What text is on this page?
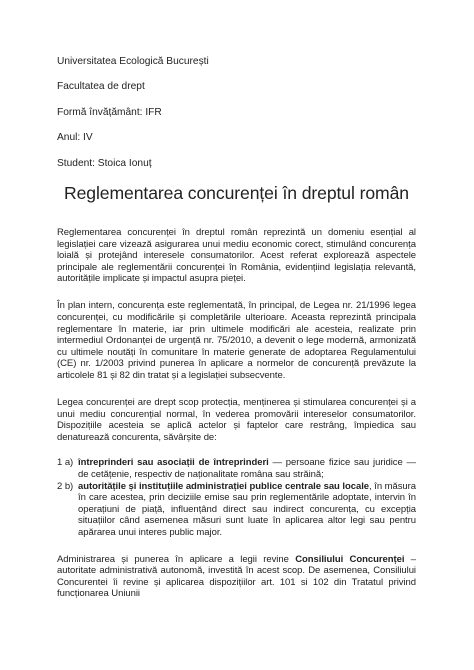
Universitatea Ecologică București
Facultatea de drept
Formă învățământ: IFR
Anul: IV
Student: Stoica Ionuț
Reglementarea concurenței în dreptul român

Reglementarea concurenței în dreptul român reprezintă un domeniu esențial al legislației care vizează asigurarea unui mediu economic corect, stimulând concurența loială și protejând interesele consumatorilor. Acest referat explorează aspectele principale ale reglementării concurenței în România, evidențiind legislația relevantă, autoritățile implicate și impactul asupra pieței.

În plan intern, concurența este reglementată, în principal, de Legea nr. 21/1996 legea concurenței, cu modificările și completările ulterioare. Aceasta reprezintă principala reglementare în materie, iar prin ultimele modificări ale acesteia, realizate prin intermediul Ordonanței de urgență nr. 75/2010, a devenit o lege modernă, armonizată cu ultimele noutăți în comunitare în materie generate de adoptarea Regulamentului (CE) nr. 1/2003 privind punerea în aplicare a normelor de concurență prevăzute la articolele 81 și 82 din tratat și a legislației subsecvente.

Legea concurenței are drept scop protecția, menținerea și stimularea concurenței și a unui mediu concurențial normal, în vederea promovării intereselor consumatorilor. Dispozițiile acesteia se aplică actelor și faptelor care restrâng, împiedica sau denaturează concurenta, săvârșite de:

1 a) întreprinderi sau asociații de întreprinderi — persoane fizice sau juridice — de cetățenie, respectiv de naționalitate româna sau străină;
2 b) autoritățile și instituțiile administrației publice centrale sau locale, în măsura în care acestea, prin deciziile emise sau prin reglementările adoptate, intervin în operațiuni de piață, influențând direct sau indirect concurența, cu excepția situațiilor când asemenea măsuri sunt luate în aplicarea altor legi sau pentru apărarea unui interes public major.

Administrarea și punerea în aplicare a legii revine Consiliului Concurenței – autoritate administrativă autonomă, investită în acest scop. De asemenea, Consiliului Concurentei îi revine și aplicarea dispozițiilor art. 101 si 102 din Tratatul privind funcționarea Uniunii
